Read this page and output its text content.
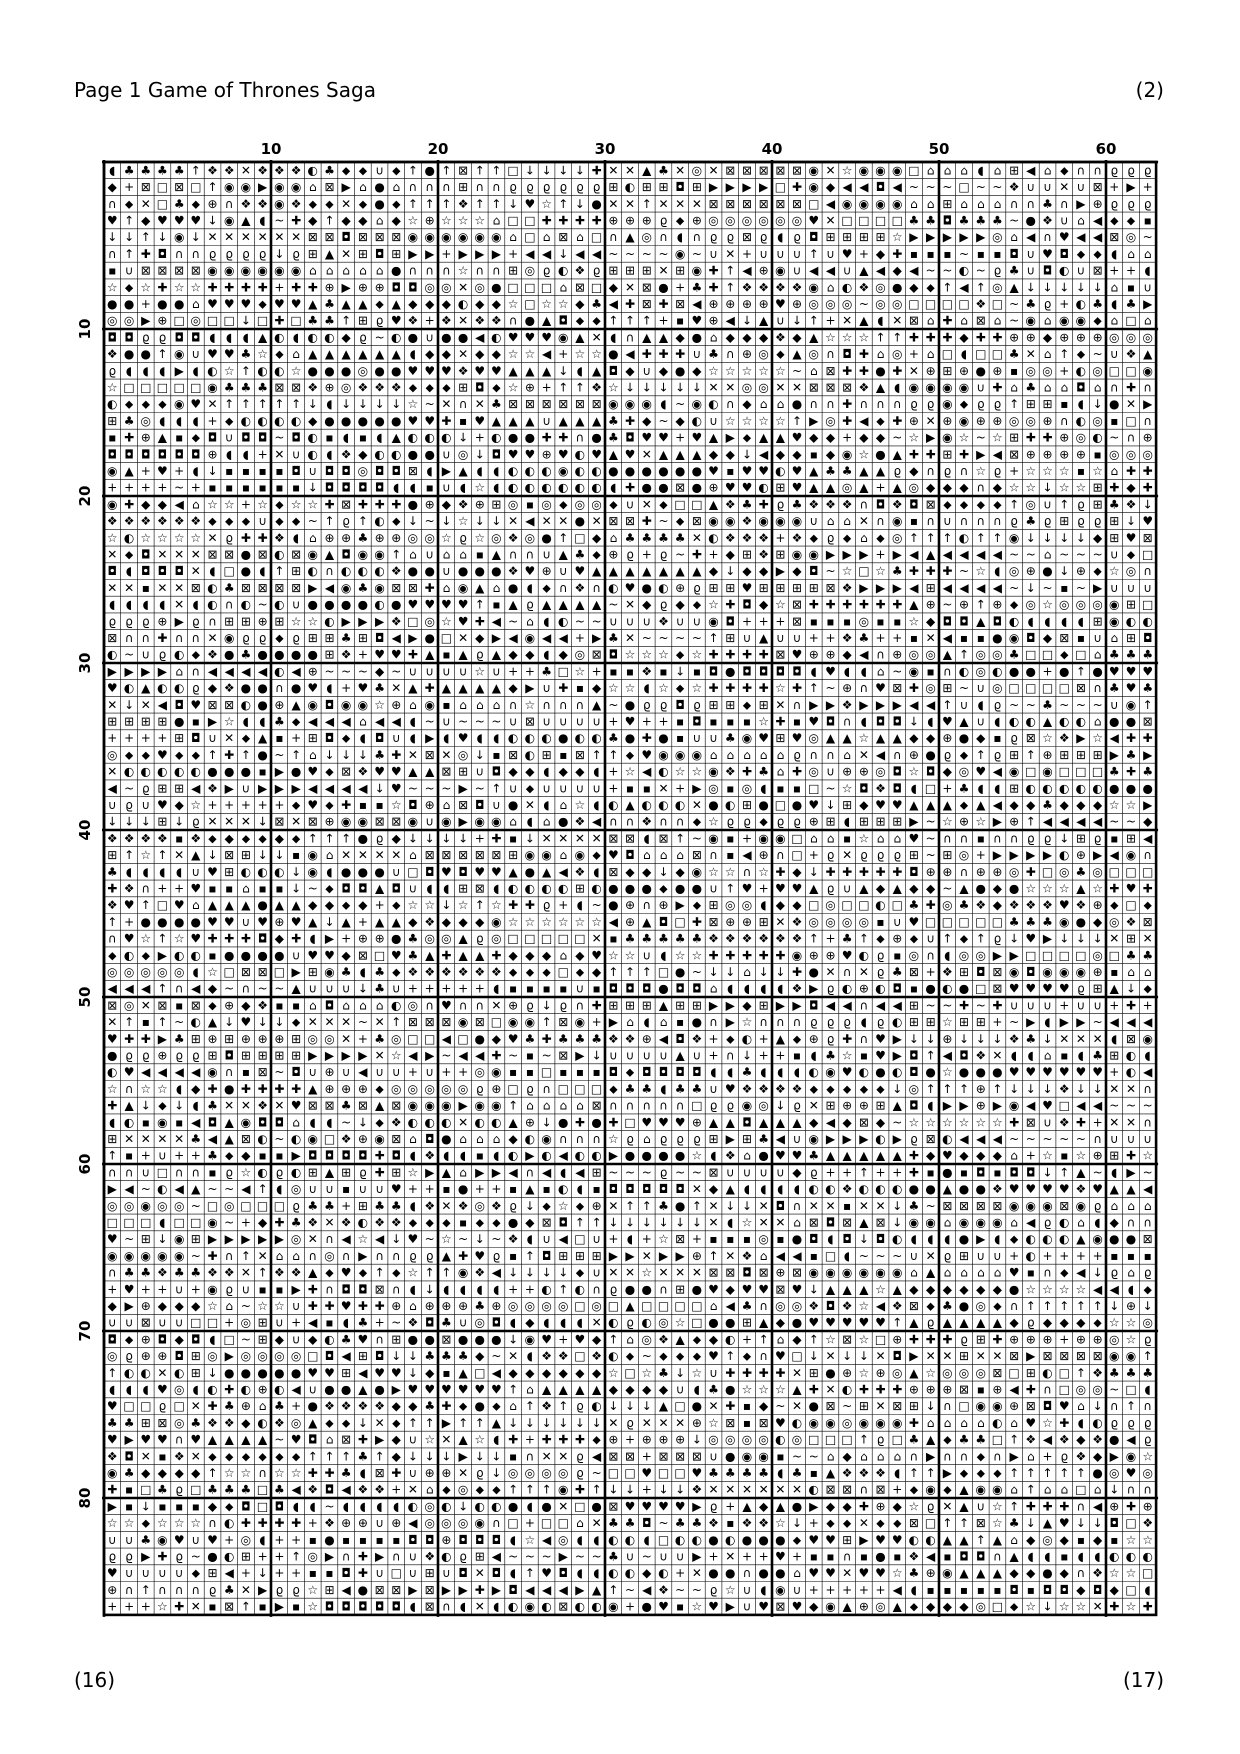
Page 1 Game of Thrones Saga	(2)
◖ ♣ ♣ ♣ ♣ ↑ ❖ ❖ ✕ ❖ ❖ ❖ ◐ ♣ ⬥ ⬥ ∪ ⬥ ↑ ● ↑ ⊠ ↑ ↑ □ ↓ ↓ ↓ ↓ ✚ ✕ ✕ ▲ ♣ ✕ ◎ ✕ ⊠ ⊠ ⊠ ⊠ ⊠ ◉ ✕ ☆ ◉ ◉ ◉ □ ⌂ ⌂ ⌂ ◖ ⌂ ⊞ ◀ ⌂ ⬥ ∩ ∩ ϱ ϱ ϱ
◆ + ⊠ □ ⊠ □ ↑ ◉ ◉ ▶ ◉ ◉ ⌂ ⊠ ▶ ⌂ ● ⌂ ∩ ∩ ∩ ⊞ ∩ ∩ ϱ ϱ ϱ ϱ ϱ ϱ ⊞ ◐ ⊞ ⊞ ◘ ⊞ ▶ ▶ ▶ ▶ □ ✚ ◉ ◆ ◀ ◀ ◘ ◀ ~ ~ ~ □ ~ ~ ❖ ∪ ∪ ✕ ∪ ⊠ + ▶ +
∩ ⬥ ✕ □ ♣ ⬥ ⊕ ∩ ❖ ❖ ◉ ❖ ⬥ ⬥ ✕ ⬥ ● ⬥ ↑ ↑ ↑ ❖ ↑ ↑ ↓ ♥ ☆ ↑ ↓ ● ✕ ✕ ↑ ✕ ✕ ✕ ⊠ ⊠ ⊠ ⊠ ⊠ ⊠ □ ◀ ◉ ◉ ◉ ◉ ⌂ ⌂ ⊞ ⌂ ⌂ ⌂ ∩ ∩ ♣ ∩ ▶ ⊕ ϱ ϱ ϱ
♥ ↑ ◆ ♥ ♥ ♥ ↓ ◉ ▲ ◖ ~ ✚ ◆ ↑ ◆ ◆ ⌂ ◆ ☆ ⊕ ☆ ☆ ☆ ⌂ □ □ ✚ ✚ ✚ ✚ ⊕ ⊕ ⊕ ϱ ⬥ ⊕ ◎ ◎ ◎ ◎ ◎ ◎ ♥ ✕ □ □ □ □ ♣ ♣ ◘ ♣ ♣ ♣ ~ ● ❖ ∪ ⌂ ◀ ⬥ ⬥ ▪
↓ ↓ ↑ ↓ ◉ ↓ ✕ ✕ ✕ ✕ ✕ ✕ ⊠ ⊠ ◘ ⊠ ⊠ ⊠ ◉ ◉ ◉ ◉ ◉ ◉ ⌂ □ ⌂ ⊠ ⌂ □ ∩ ▲ ◎ ∩ ◖ ∩ ϱ ϱ ⊠ ϱ ◖ ϱ ◘ ⊞ ⊞ ⊞ ⊞ ☆ ▶ ▶ ▶ ▶ ▶ ◎ ⌂ ◀ ∩ ♥ ◀ ◀ ⊠ ◎ ~
∩ ↑ ✚ ◘ ∩ ∩ ϱ ϱ ϱ ϱ ↓ ϱ ⊞ ▲ ✕ ⊞ ◘ ⊞ ▶ ▶ + ▶ ▶ ▶ + ◀ ◀ ↓ ◀ ◀ ~ ~ ~ ~ ◉ ~ ∪ ✕ + ∪ ∪ ∪ ↑ ∪ ♥ + ◆ ✚ ▪ ▪ ▪ ~ ▪ ▪ ◘ ∪ ♥ ◘ ⬥ ⬥ ◖ ⌂ ⌂
▪ ∪ ⊠ ⊠ ⊠ ⊠ ◉ ◉ ◉ ◉ ◉ ◉ ⌂ ⌂ ⌂ ⌂ ⌂ ● ∩ ∩ ∩ ☆ ∩ ∩ ⊞ ◎ ϱ ◐ ❖ ϱ ⊞ ⊞ ⊞ ✕ ⊞ ◉ ✚ ↑ ◀ ⊕ ◉ ∪ ◀ ◀ ∪ ▲ ◀ ◆ ◀ ~ ~ ◐ ~ ϱ ♣ ∪ ◘ ◐ ∪ ⊠ + + ◖
☆ ⬥ ☆ ✚ ☆ ☆ ✚ ✚ ✚ ✚ + ✚ ✚ ⊕ ▶ ⊕ ⊕ ◘ ◘ ◎ ◎ ✕ ◎ ● □ □ □ ⌂ ⊠ □ ◆ ✕ ⊠ ● + ♣ ✚ ↑ ❖ ❖ ❖ ❖ ◉ ⌂ ◐ ❖ ◎ ● ◆ ⬥ ↑ ◀ ↑ ◎ ▲ ↓ ↓ ↓ ↓ ↓ ⌂ ▪ ∪
● ● + ● ● ⌂ ♥ ♥ ♥ ⬥ ♥ ♥ ▲ ♣ ▲ ▲ ⬥ ▲ ◆ ◆ ◆ ◐ ◆ ◆ ☆ □ ☆ ☆ ◆ ♣ ◀ ✚ ⊠ ✚ ⊠ ◀ ⊕ ⊕ ⊕ ⊕ ♥ ⊕ ◎ ◎ ◎ ~ ◎ ◎ □ □ □ □ ❖ □ ~ ♣ ϱ + ◐ ♣ ◖ ♣ ▶
◎ ◎ ▶ ⊕ □ ◎ □ □ ↓ □ ✚ □ ♣ ♣ ↑ ⊞ ϱ ♥ ❖ + ❖ ✕ ❖ ❖ ∩ ● ▲ ◘ ⬥ ⬥ ↑ ↑ ↑ + ▪ ♥ ⊕ ◀ ↓ ▲ ∪ ↓ ↑ + ✕ ▲ ◖ ✕ ⊠ ⌂ ✚ ⌂ ⊠ ⌂ ~ ◉ ⌂ ◉ ◉ ⬥ ⌂ □ ⌂
◘ ◘ ϱ ϱ ◘ ◘ ◖ ◖ ◖ ▲ ◐ ◖ ◐ ◐ ◆ ϱ ~ ◐ ● ∪ ● ● ◀ ◐ ♥ ♥ ♥ ◉ ▲ ✕ ◖ ∩ ▲ ▲ ◆ ● ⌂ ◆ ◆ ◆ ❖ ◆ ▲ ☆ ☆ ☆ ↑ ↑ ✚ ✚ ✚ ◆ ✚ ✚ ⊕ ⊕ ◆ ⊕ ⊕ ⊕ ◎ ◎ ◎
❖ ● ● ↑ ◉ ∪ ♥ ♥ ♣ ☆ ⬥ ⌂ ▲ ▲ ▲ ▲ ▲ ▲ ◖ ◆ ◆ ✕ ◆ ◆ ☆ ☆ ◀ + ☆ ☆ ● ◀ ✚ ✚ ✚ ∪ ♣ ∩ ⊕ ◎ ⬥ ▲ ◎ ∩ ◘ ✚ ⌂ ◎ + ⌂ □ ◖ □ □ ♣ ✕ ⌂ ↑ ⬥ ~ ∪ ❖ ▲
ϱ ◖ ◖ ◖ ▶ ◖ ◐ ☆ ↑ ◐ ◐ ☆ ● ● ● ◎ ● ● ♥ ♥ ♥ ❖ ♥ ♥ ▲ ▲ ▲ ↓ ◖ ▲ ◘ ◆ ∪ ◆ ● ◆ ☆ ☆ ☆ ☆ ☆ ~ ⌂ ⊠ ✚ ✚ ● ✚ ✕ ⊕ ⊞ ⊕ ● ⊕ ▪ ◎ ◎ + ◐ ◎ □ □ ◉
☆ □ □ □ □ □ ◉ ♣ ♣ ♣ ⊠ ⊠ ❖ ⊕ ◎ ❖ ❖ ❖ ⬥ ⬥ ⬥ ⊞ ◘ ⬥ ☆ ⊕ + ↑ ↑ ❖ ☆ ↓ ↓ ↓ ↓ ↓ ✕ ✕ ◎ ◎ ✕ ✕ ⊠ ⊠ ⊠ ❖ ▲ ◖ ◉ ◉ ◉ ◉ ∪ ✚ ⌂ ♣ ⌂ ⌂ ◘ ⌂ ∩ ✚ ∩
◐ ⬥ ⬥ ⬥ ◉ ♥ ✕ ↑ ↑ ↑ ↑ ↑ ↓ ◖ ↓ ↓ ↓ ↓ ☆ ~ ✕ ∩ ✕ ♣ ⊠ ⊠ ⊠ ⊠ ⊠ ⊠ ◉ ◉ ◉ ◖ ~ ◉ ◐ ∩ ◆ ⌂ ⌂ ● ∩ ∩ ✚ ∩ ∩ ∩ ϱ ϱ ◉ ⬥ ϱ ϱ ↑ ⊞ ⊞ ▪ ◖ ↓ ● ✕ ▶
⊞ ♣ ◎ ◖ ◖ ◖ + ⬥ ◐ ◐ ◐ ◐ ◆ ● ● ● ● ● ♥ ♥ ✚ ▪ ♥ ▲ ▲ ▲ ∪ ▲ ▲ ▲ ♣ ✚ ◆ ~ ◆ ◐ ∪ ☆ ☆ ☆ ☆ ↑ ▶ ◎ ✚ ◀ ⬥ ✚ ⊕ ✕ ⊕ ◉ ⊕ ⊕ ◎ ◎ ⊕ ∩ ◐ ◎ ▪ □ ∩
▪ ✚ ⊕ ▲ ▪ ⬥ ◘ ∪ ◘ ◘ ~ ◘ ◐ ▪ ◖ ▪ ◖ ▲ ◐ ◐ ◐ ↓ + ◐ ● ● ✚ ✚ ∩ ● ♣ ◘ ♥ ♥ + ♥ ▲ ▶ ⬥ ▲ ▲ ♥ ◆ ◆ + ◆ ◆ ~ ☆ ▶ ◉ ☆ ~ ☆ ⊞ ✚ ✚ ⊕ ◎ ◐ ~ ∩ ⊕
◘ ◘ ◘ ◘ ◘ ◘ ⊕ ◖ ◖ + ✕ ∪ ◐ ◖ ❖ ◆ ◐ ◐ ● ● ∪ ◎ ↓ ◘ ♥ ♥ ⊕ ♥ ◐ ♥ ▲ ♥ ✕ ▲ ▲ ▲ ◆ ◆ ↓ ◀ ◆ ◆ ▪ ◆ ◉ ☆ ● ▲ ✚ ✚ ⊞ ✚ ▶ ◀ ⊠ ⊕ ⊕ ⊕ ⊕ ▪ ◎ ◎ ◎
◉ ▲ + ♥ + ◖ ↓ ▪ ▪ ▪ ▪ ◘ ∪ ◘ ◘ ◎ ◘ ◘ ⊠ ◖ ▶ ▲ ◖ ◖ ◐ ◐ ◐ ◉ ◐ ◐ ● ● ● ● ● ● ♥ ▪ ♥ ♥ ◐ ♥ ▲ ♣ ♣ ▲ ▲ ϱ ◆ ∩ ϱ ∩ ☆ ϱ + ☆ ☆ ☆ ▪ ☆ ⌂ ✚ ✚
+ + + + ~ + ▪ ▪ ▪ ▪ ▪ ▪ ↓ ◘ ◘ ◘ ◘ ◖ ◖ ▪ ∪ ◖ ☆ ◖ ◐ ◐ ◐ ◐ ◐ ◐ ◖ ✚ ● ● ⊠ ● ⊕ ♥ ♥ ◐ ⊞ ♥ ▲ ▲ ◎ ▲ + ▲ ◎ ◆ ◆ ◆ ∩ ◆ ☆ ☆ ↓ ☆ ☆ ⊞ ✚ ◆ ✚
◉ ✚ ◆ ◆ ◀ ⌂ ☆ ☆ + ☆ ⬥ ☆ ☆ ✚ ⊠ ✚ ✚ ✚ ● ⊕ ◆ ❖ ⊕ ⊞ ◎ ▪ ◎ ⬥ ◎ ◎ ⬥ ∪ ✕ ⬥ □ □ ▲ ❖ ♣ ✚ ϱ ♣ ❖ ❖ ❖ ∩ ◘ ❖ ◘ ⊠ ⬥ ⬥ ⬥ ⬥ ↑ ◎ ∪ ↑ ϱ ⊞ ♣ ❖ ↓
❖ ❖ ❖ ❖ ❖ ❖ ⬥ ⬥ ⬥ ∪ ⬥ ⬥ ~ ↑ ϱ ↑ ◐ ⬥ ↓ ~ ↓ ☆ ↓ ↓ ✕ ◀ ✕ ✕ ● ✕ ⊠ ⊠ ✚ ~ ⬥ ⊠ ◉ ◉ ❖ ◉ ◉ ◉ ∪ ⌂ ⌂ ✕ ∩ ◉ ▪ ∩ ∪ ∩ ∩ ∩ ϱ ♣ ϱ ⊞ ϱ ϱ ⊞ ↓ ♥
☆ ◐ ☆ ☆ ☆ ☆ ✕ ϱ ✚ ✚ ❖ ◖ ⌂ ⊕ ⊕ ♣ ⊕ ⊕ ◎ ◎ ☆ ϱ ☆ ◎ ❖ ◎ ● ↑ □ ◆ ⌂ ♣ ♣ ♣ ♣ ✕ ◐ ❖ ❖ ❖ + ❖ ⬥ ϱ ⬥ ⌂ ⬥ ◎ ↑ ↑ ↑ ◐ ↑ ↑ ◉ ↓ ↓ ↓ ↓ ◆ ⊞ ♥ ⊠
✕ ⬥ ◘ ✕ ✕ ✕ ⊠ ⊠ ● ⊠ ◐ ⊠ ◉ ▲ ◘ ◉ ◉ ↑ ⌂ ∪ ⌂ ⌂ ▪ ▲ ∩ ∩ ∪ ▲ ♣ ⬥ ⊕ ϱ + ϱ ~ ✚ + ◆ ⊞ ❖ ⊞ ◉ ◉ ▶ ▶ ▶ + ▶ ◀ ▲ ◀ ◀ ◀ ◀ ~ ~ ⌂ ~ ~ ~ ∪ ⬥ □
◘ ◖ ◘ ◘ ◘ ✕ ◖ □ ● ◖ ↑ ⊞ ◐ ∩ ◐ ◐ ◐ ❖ ● ● ∪ ● ● ● ❖ ♥ ⊕ ∪ ♥ ▲ ▲ ▲ ▲ ▲ ▲ ▲ ◆ ↓ ◆ ◆ ▶ ◆ ◘ ~ ☆ □ ☆ ♣ ✚ ✚ ✚ ~ ☆ ◖ ◎ ⊕ ● ↓ ⊕ ⬥ ☆ ◎ ∩
✕ ✕ ▪ ✕ ✕ ⊠ ◐ ♣ ⊠ ⊠ ⊠ ⊠ ▶ ◀ ◉ ♣ ◉ ⊠ ⊠ ✚ ⌂ ◉ ▲ ⌂ ● ◖ ⬥ ∩ ❖ ∩ ◐ ♥ ● ◐ ⊕ ϱ ⊞ ⊞ ♥ ⊞ ⊞ ⊞ ⊞ ⊠ ❖ ▶ ▶ ▶ ◀ ⊞ ◀ ◀ ◀ ◀ ~ ↓ ~ ▪ ~ ▶ ∪ ∪ ∪
◖ ◖ ◖ ◖ ✕ ◖ ◐ ∩ ◐ ~ ◐ ∪ ● ● ● ● ◐ ● ♥ ♥ ♥ ♥ ↑ ▪ ▲ ϱ ▲ ▲ ▲ ▲ ~ ✕ ◆ ϱ ◆ ⬥ ☆ ✚ ◘ ◆ ☆ ⊠ ✚ ✚ ✚ ✚ ✚ ✚ ▲ ⊕ ~ ⊕ ↑ ⊕ ⬥ ◎ ☆ ◎ ◎ ◎ ◉ ⊞ □
ϱ ϱ ϱ ⊕ ▶ ϱ ∩ ⊞ ⊞ ⊕ ⊞ ☆ ☆ ◐ ▶ ▶ ▶ ❖ □ ◎ ☆ ♥ ✚ ◀ ~ ⌂ ◖ ◐ ~ ~ ∪ ∪ ∪ ❖ ∪ ∪ ◉ ◘ + + + ⊠ ▪ ▪ ▪ ◎ ▪ ▪ ☆ ◆ ◘ ◘ ▲ ◘ ◐ ◖ ◖ ◖ ◖ ⊞ ◉ ◐ ◐
⊠ ∩ ∩ ✚ ∩ ∩ ✕ ◉ ϱ ϱ ⬥ ϱ ⊞ ⊞ ♣ ⊞ ◘ ◀ ▶ ● □ ✕ ◆ ▶ ◀ ◉ ◀ ◀ + ▶ ♣ ✕ ~ ~ ~ ~ ↑ ⊞ ∪ ▲ ∪ ∪ + + ❖ ♣ + + ▪ ✕ ◀ ▪ ▪ ● ◉ ◘ ◆ ⊠ ▪ ∪ ⌂ ⊞ ◘
◐ ~ ∪ ϱ ◐ ⬥ ❖ ● ♣ ● ● ● ● ⊞ ❖ + ♥ ♥ ✚ ▲ ▪ ▲ ϱ ▲ ◆ ◆ ◖ ◆ ◎ ⊠ ◘ ☆ ☆ ☆ ⬥ ☆ ✚ ✚ ✚ ✚ ⊠ ♥ ⊕ ⊕ ◆ ◀ ∩ ⊕ ◎ ◎ ▲ ↑ ◎ ◎ ♣ □ □ ⬥ □ ⌂ ♣ ♣ ♣
▶ ▶ ▶ ▶ ⌂ ∩ ◀ ◀ ◀ ◀ ◐ ◀ ⊕ ~ ~ ~ ◆ ~ ∪ ∪ ∪ ∪ ☆ ∪ + + ♣ □ ☆ + ▪ ▪ ❖ ▪ ↓ ▪ ◘ ● ◘ ◘ ◘ ◘ ◖ ♥ ◖ ◖ ⌂ ~ ◉ ▪ ∩ ◐ ◎ ◐ ● ● + ● ↑ ● ♥ ♥ ♥
♥ ◐ ▲ ◐ ◐ ϱ ◆ ❖ ● ● ∩ ● ♥ ◖ + ♥ ♣ ✕ ▲ ✚ ▲ ▲ ▲ ▲ ◆ ▶ ∪ ✚ ▪ ◆ ☆ ☆ ◖ ☆ ⬥ ☆ ✚ ✚ ✚ ✚ ☆ ✚ ↑ ~ ⊕ ∩ ♥ ⊠ ✚ ◎ ⊞ ~ ∪ ◎ □ □ □ □ ⊠ ∩ ♣ ♥ ♣
✕ ↓ ✕ ◀ ◘ ♥ ⊠ ⊠ ◐ ● ⊕ ▲ ◉ ◘ ◉ ◉ ☆ ⊕ ⌂ ◉ ▪ ⌂ ⌂ ⌂ ∩ ☆ ∩ ∩ ∩ ▲ ~ ● ϱ ϱ ◘ ϱ ⊞ ⊞ ⬥ ⊞ ✕ ∩ ▶ ▶ ❖ ▶ ▶ ▶ ◀ ◀ ↑ ∪ ◖ ϱ ~ ~ ♣ ~ ~ ~ ∪ ◉ ↑
⊞ ⊞ ⊞ ⊞ ● ▪ ▶ ☆ ◖ ◖ ♣ ⬥ ◀ ◀ ◀ ⌂ ◀ ◀ ◖ ~ ∪ ~ ~ ~ ∪ ⊠ ∪ ∪ ∪ ∪ + ♥ + + ▪ ◘ ▪ ▪ ▪ ☆ ✚ ▪ ♥ ◘ ∩ ◖ ◘ ◘ ↓ ◖ ♥ ▲ ∪ ◖ ◐ ◐ ▲ ◐ ◐ ⌂ ● ● ⊠
+ + + + ⊞ ◘ ∪ ✕ ⬥ ▲ ▪ + ⊞ ◘ ⬥ ◖ ◘ ∪ ◖ ▶ ◖ ♥ ◖ ◖ ◐ ◐ ◐ ● ◐ ◐ ♣ ● ✚ ● ▪ ∪ ∪ ♣ ◉ ♥ ⊞ ♥ ◎ ▲ ▲ ☆ ▲ ▲ ◆ ◆ ⊕ ● ◆ ▪ ϱ ⊠ ☆ ❖ ▶ ☆ ◀ ✚ ✚
◎ ⬥ ⬥ ♥ ⬥ ⬥ ↑ ✚ ↑ ● ~ ↑ ⌂ ↓ ↓ ↓ ♣ ✚ ✕ ⊠ ✕ ◎ ↓ ▪ ⊠ ◐ ⊞ ▪ ⊠ ↑ ↑ ⬥ ♥ ◉ ◉ ◉ ⌂ ⌂ ⌂ ⌂ ⌂ ϱ ∩ ∩ ⌂ ✕ ◀ ∩ ⊕ ● ϱ ⬥ ↑ ϱ ⊞ ↑ ⊕ ⊞ ⊞ ⊞ ▶ ♣ ▶
✕ ◐ ◐ ◐ ◐ ◐ ● ● ● ▪ ▶ ● ♥ ⬥ ⊠ ❖ ♥ ♥ ▲ ▲ ⊠ ⊞ ∪ ◘ ◆ ◆ ◖ ◆ ◆ ◖ + ☆ ◀ ◐ ☆ ☆ ◉ ❖ ✚ ♣ ⌂ ✚ ◎ ∪ ⊕ ⊕ ◎ ◘ ☆ ◘ ◆ ◎ ♥ ◀ ◉ □ ◉ □ □ □ ♣ ✚ ♣
◀ ~ ϱ ⊞ ⊞ ◀ ❖ ▶ ∪ ▶ ▶ ▶ ◀ ◀ ◀ ◀ ↓ ♥ ~ ~ ~ ▶ ~ ↑ ∪ ⬥ ∪ ∪ ∪ ∪ + ▪ ▪ ✕ + ▶ ◎ ▪ ◎ ◖ ▪ ▪ □ ~ ☆ ◘ ❖ ◘ ◖ □ + ♣ ◖ ◖ ⊞ ◐ ◐ ◐ ◐ ◐ ● ● ●
∪ ϱ ∪ ♥ ◆ ☆ + + + + + ⬥ ♥ ⬥ ✚ ▪ ▪ ☆ ◘ ⊕ ⌂ ⊠ ◘ ∪ ● ✕ ◖ ⌂ ☆ ◖ ◐ ▲ ◐ ◐ ◐ ✕ ● ◐ ⊞ ● □ ● ♥ ↓ ⊞ ◆ ♥ ♥ ▲ ▲ ▲ ⬥ ▲ ◀ ◆ ◆ ♣ ◆ ◆ ◆ ☆ ☆ ▶
↓ ↓ ↓ ⊞ ↓ ϱ ✕ ✕ ✕ ↓ ⊠ ✕ ⊠ ⊕ ◉ ◉ ⊠ ⊠ ◉ ∪ ◉ ▶ ◉ ◉ ⌂ ◖ ⌂ ● ❖ ◀ ∩ ∩ ❖ ∩ ∩ ⬥ ☆ ϱ ϱ ⬥ ϱ ϱ ⊕ ⊞ ◖ ⊞ ⊞ ⊞ ▶ ~ ☆ ⊕ ☆ ▶ ⊕ ↑ ◀ ◀ ◀ ◀ ~ ~ ◆
❖ ❖ ❖ ❖ ▪ ❖ ⬥ ◆ ⬥ ⬥ ◆ ⬥ ↑ ↑ ↑ ● ϱ ◆ ↓ ↓ ↓ ↓ + ✚ ▪ ↓ ✕ ✕ ✕ ✕ ⊠ ⊠ ◖ ⊠ ↑ ~ ◉ ▪ + ◉ ◉ □ ⌂ ⌂ ▪ ☆ ⌂ ⌂ ♥ ~ ∩ ∩ ▪ ∩ ∩ ϱ ϱ ↓ ⊞ ϱ ▪ ⊞ ◀
⊞ ↑ ☆ ↑ ✕ ▲ ↓ ⊠ ⊞ ↓ ↓ ▪ ◉ ⌂ ✕ ✕ ✕ ✕ ⌂ ⊠ ⊠ ⊠ ⊠ ⊠ ⊞ ◉ ◉ ⌂ ◉ ⬥ ♥ ◘ ⌂ ⌂ ⌂ ⊠ ∩ ▪ ◀ ⊕ ∩ □ + ϱ ✕ ϱ ϱ ϱ ⊞ ~ ⊞ ◎ + ▶ ▶ ▶ ▶ ◐ ⊕ ▶ ◀ ◉ ∩
♣ ◖ ◖ ◖ ◖ ∪ ♥ ⊞ ◐ ◐ ◐ ↓ ◉ ◖ ● ● ● ∪ □ ◘ ♥ ◘ ♥ ♥ ▲ ● ▲ ◀ ❖ ◖ ⊠ ◆ ◆ ↓ ◆ ◉ ☆ ☆ ∩ ☆ ✚ ◆ ↓ ✚ ✚ ✚ ✚ ✚ ◘ ⊕ ⊕ ∩ ⊕ ⊕ ◎ ✚ □ ◎ ♣ ◎ □ □ □
✚ ❖ ∩ + + ♥ ▪ ▪ ⌂ ▪ ▪ ↓ ~ ⬥ ◘ ◘ ▲ ◘ ∪ ◖ ◖ ⊞ ⊠ ◖ ◐ ◐ ◐ ◐ ⊞ ◐ ● ● ● ⬥ ● ● ∪ ↑ ♥ + ♥ ♥ ▲ ϱ ∪ ▲ ◆ ▲ ◆ ◆ ~ ▲ ● ◆ ● ☆ ☆ ☆ ▲ ☆ ✚ ♥ ✚
❖ ♥ ↑ □ ♥ ⌂ ▲ ▲ ▲ ● ▲ ▲ ◆ ◆ ⬥ ◆ + ⬥ ☆ ☆ ↓ ☆ ↑ ☆ ✚ ✚ ϱ + ◖ ~ ● ⊕ ∩ ⊕ ▶ ⬥ ⊞ ◎ ◎ ◖ ◆ ◆ □ ◎ □ □ ◐ □ ♣ ✚ ◎ ♣ ❖ ◆ ❖ ❖ ❖ ♥ ❖ ⊕ ⬥ □ ⬥
↑ + ● ● ● ● ♥ ♥ ∪ ♥ ⊕ ♥ ▲ ↓ ▲ + ▲ ▲ ◆ ❖ ◆ ◆ ◆ ◉ ☆ ☆ ☆ ☆ ☆ ☆ ◀ ⊕ ▲ ◘ □ ✚ ⊠ ⊕ ⊕ ⊞ ✕ ❖ ◎ ◎ ◎ ◎ ▪ ∪ ♥ □ □ □ □ □ ♣ ♣ ♣ ◉ ● ◆ ◎ ❖ ⊠
∩ ♥ ☆ ↑ ☆ ♥ ✚ ✚ ✚ ◘ ◆ ✚ ◖ ▶ + ⊕ ⊕ ● ♣ ◎ ◎ ▲ ϱ ◎ □ □ □ □ □ ✕ ▪ ♣ ♣ ♣ ♣ ♣ ❖ ❖ ❖ ❖ ❖ ❖ ↑ + ♣ ↑ ⬥ ⊕ ⬥ ∪ ↑ ⬥ ↑ ϱ ↓ ♥ ▶ ↓ ↓ ↓ ✕ ⊞ ✕
⬥ ◐ ⬥ ▶ ◐ ◐ ▪ ● ● ● ● ∪ ♥ ♥ ◆ ⊠ □ ♥ ♣ ▲ ✚ ▲ ▲ ✚ ◆ ◆ ◆ ⌂ ◆ ♥ ☆ ☆ ∪ ◖ ☆ ☆ ✚ ✚ ✚ ✚ ✚ ◉ ⊕ ⊕ ♥ ◐ ϱ ▪ ◎ ∩ ◖ ◎ ◎ ▶ ▶ □ □ □ □ ◎ □ ♣ ♣
◎ ◎ ◎ ◎ ◎ ◖ ☆ □ ⊠ ⊠ □ ▶ ⊞ ◉ ♣ ◖ ♣ ⬥ ❖ ❖ ❖ ❖ ❖ ❖ ⬥ ⬥ ⬥ □ ⬥ ◆ ↑ ↑ ↑ □ ● ~ ↓ ↓ ⌂ ↓ ↓ ✚ ● ✕ ∩ ✕ ϱ ♣ ⊠ + ❖ ⊞ ◘ ⊠ ◉ ◘ ◉ ◉ ◉ ⊕ ▪ ⌂ ⌂
◀ ◀ ◀ ↑ ∩ ◀ ◆ ~ ∩ ~ ~ ▲ ∪ ∪ ∪ ↓ ♣ ∪ + + + + + ◖ ▪ ▪ ▪ ▪ ∪ ▪ ◘ ◘ ◘ ● ◘ ◘ ⌂ ◖ ◖ ◖ ◖ ❖ ▶ ϱ ◐ ⊕ ◐ ◘ ▪ ● ◐ ● □ ⊠ ♥ ♥ ♥ ♥ ϱ ⊞ ▲ ↓ ⬥
⊠ ◎ ✕ ⊠ ▪ ⊠ ⬥ ⊕ ◆ ❖ ▪ ▪ ⌂ ◘ ⌂ ⌂ ⌂ ◐ ◎ ∩ ♥ ∩ ∩ ✕ ⊕ ϱ ↓ ϱ ∩ ✚ ⊞ ⊞ ⊞ ▲ ⊞ ⊞ ▶ ▶ ◆ ⊞ ▶ ▶ ◘ ◀ ◀ ∩ ◀ ◀ ⊞ ~ ~ ✚ ~ ✚ ∪ ∪ ∪ + ∪ ∪ + ✚ +
✕ ↑ ▪ ↑ ~ ◐ ▲ ↓ ♥ ↓ ↓ ⬥ ✕ ✕ ✕ ~ ✕ ↑ ⊠ ⊠ ⊠ ◉ ⊠ □ ◉ ◉ ↑ ⊠ ◉ + ▶ ⌂ ◖ ⌂ ▪ ● ∩ ▶ ☆ ∩ ∩ ∩ ϱ ϱ ϱ ◖ ϱ ◐ ⊞ ⊞ ☆ ⊞ ⊞ + ~ ▶ ◖ ▶ ▶ ~ ◀ ◀ ◀
♥ ✚ ✚ ▶ ♣ ⊞ ⊕ ⊞ ⊕ ⊕ ⊕ ⊞ ◎ ◎ ✕ + ♣ ◎ □ □ ◀ □ ● ◆ ♥ ♣ ✚ ♣ ♣ ♣ ❖ ❖ ⊕ ◀ ◘ ❖ + ⬥ ◐ + ▲ ⬥ ⊕ ϱ ✚ ∩ ♥ ▶ ↓ ↓ ⊕ ↓ ↓ ↓ ❖ ♣ ↓ ✕ ✕ ✕ ◖ ⊠ ◉
● ϱ ϱ ⊕ ϱ ϱ ⊞ ◘ ⊞ ⊞ ⊞ ⊞ ▶ ▶ ▶ ▶ ✕ ☆ ◀ ▶ ~ ◀ ◀ ✚ ~ ▪ ~ ⊠ ▶ ↓ ∪ ∪ ∪ ∪ ▲ ∪ + ∩ ↓ + + ▪ ◖ ♣ ☆ ▪ ♥ ▶ ◘ ↑ ◀ ◘ ❖ ✕ ◖ ◖ ⌂ ▪ ◖ ♣ ⊞ ◐ ◖
◐ ♥ ◀ ◀ ◀ ◀ ◉ ∩ ▪ ⊠ ~ ◘ ∪ ⊕ ∪ ◀ ∪ ∪ + ∪ + + ◎ ◉ ▪ ▪ □ ▪ ▪ ▪ ◘ ⬥ ◘ ◘ ◘ ◘ ◖ ◖ ♣ ◖ ◖ ◖ ◐ ◉ ♥ ◐ ● ◐ ◘ ● ☆ ● ● ● ♥ ♥ ♥ ♥ ♥ ♥ + ◐ ◀
☆ ∩ ☆ ☆ ◖ ◆ ✚ ● ✚ ✚ ✚ ✚ ▲ ⊕ ⊕ ⊕ ⬥ ◎ ◎ ◎ ◎ ◎ ϱ ⊕ □ ϱ ∩ □ □ □ ⬥ ♣ ♣ ◖ ♣ ♣ ∪ ♥ ❖ ❖ ❖ ❖ ⬥ ⬥ ⬥ ⬥ ⬥ ↓ ◎ ↑ ↑ ↑ ⊕ ↑ ↓ ↓ ↓ ❖ ↓ ↓ ✕ ✕ ∩
✚ ▲ ↓ ⬥ ↓ ◖ ♣ ✕ ✕ ❖ ✕ ♥ ⊠ ⊠ ♣ ⊠ ▲ ⊠ ◉ ◉ ◉ ▶ ◉ ◉ ↑ ⌂ ⌂ ⌂ ⌂ ⊠ ∩ ∩ ∩ ∩ ∩ □ ϱ ϱ ◉ ◎ ↓ ϱ ✕ ⊞ ⊕ ⊕ ⊞ ▲ ◘ ◖ ▶ ▶ ⊕ ▶ ◉ ◀ ♥ □ ◀ ◀ ~ ~ ~
◖ ◐ ▪ ◉ ▪ ◀ ◘ ▲ ◉ ◘ ◘ ⌂ ◖ ◖ ~ ↓ ⬥ ❖ ◐ ◐ ◐ ✕ ◐ ◐ ▲ ⊕ ↓ ● ✚ ● ✚ □ ♥ ♥ ♥ ⊕ ▲ ▲ ◘ ▲ ▲ ▲ ◆ ◀ ◆ ⊠ ◆ ~ ☆ ☆ ☆ ☆ ☆ ☆ ✚ ⊠ ∪ ❖ ✚ + ✕ ✕ ∩
⊞ ✕ ✕ ✕ ✕ ♣ ◀ ▲ ⊠ ◐ ~ ◐ ◉ □ ❖ ⊕ ◉ ⊠ ⌂ ◘ ● ⌂ ⌂ ⌂ ◆ ◐ ◉ ∩ ∩ ∩ ☆ ϱ ⌂ ϱ ϱ ϱ ⊞ ▶ ⊞ ♣ ◀ ∪ ◉ ▶ ▶ ▶ ◐ ▶ ϱ ⊠ ◐ ◀ ◀ ◀ ~ ~ ~ ~ ~ ∩ ∪ ∪ ∪
↑ ▪ + ∪ + + ♣ ⬥ ◆ ▪ ▪ ▶ ◘ ◘ ◘ ◘ ✚ ◘ ◖ ❖ ◖ ◖ ▪ ◖ ◐ ▶ ◐ ◀ ◐ ◐ ▶ ● ● ● ● ☆ ◖ ❖ ⌂ ● ♥ ♥ ♣ ▲ ▲ ▲ ▲ ▲ ✚ ◆ ♥ ◆ ◆ ◆ ⌂ + ☆ ▪ ☆ ⊕ ⊞ ✚ ☆
∩ ∩ ∪ □ ∩ ∩ ▪ ϱ ☆ ◐ ϱ ◐ ⊞ ▲ ⊞ ϱ ✚ ⊞ ☆ ▶ ▲ ⌂ ▶ ▶ ◀ ∩ ◀ ◖ ◀ ⊞ ~ ~ ~ ϱ ~ ~ ⊠ ∪ ∪ ∪ ∪ ◆ ϱ + + ↑ + + ✚ ▪ ● ▪ ◘ ▪ ◘ ◘ ↓ ↑ ▲ ~ ◖ ▶ ~
▶ ◀ ~ ◐ ◀ ▲ ~ ~ ◀ ↑ ◖ ◎ ∪ ∪ ▪ ∪ ∪ ♥ + + ▪ ● + + ▪ ▲ ▪ ◐ ◖ ▪ ◘ ◘ ◘ ◘ ◘ ✕ ◆ ▲ ◖ ◖ ◖ ◖ ◐ ◐ ❖ ◐ ◐ ◐ ● ● ▲ ● ● ❖ ♥ ♥ ♥ ♥ ❖ ♥ ▲ ▲ ◀
◎ ◎ ◉ ◎ ◎ ~ □ ◎ □ □ □ ϱ ♣ ♣ + ⊞ ♣ ♣ ◖ ❖ ✕ ❖ ◎ ❖ ϱ ↓ ⬥ ☆ ⬥ ⊕ ✕ ↑ ↑ ♣ ● ↑ ✕ ↓ ↓ ✕ ◘ ∩ ✕ ✕ ▪ ✕ ✕ ↓ ♣ ~ ⊠ ⊠ ⊠ ⊠ ◉ ◉ ◉ ⊠ ◉ ϱ ⌂ ⌂ ⌂
□ □ □ ◖ □ □ ◉ ~ + ◆ ✚ ♣ ❖ ✕ ❖ ◐ ❖ ❖ ⬥ ⬥ ⬥ ▪ ⬥ ⬥ ● ◆ ⊠ ◘ ↑ ↑ ↓ ↓ ↓ ↓ ↓ ↓ ✕ ◖ ☆ ✕ ✕ ⌂ ⊠ ◘ ⊠ ▲ ⊠ ↓ ◉ ◉ ⌂ ◉ ◉ ◉ ⌂ ◀ ϱ ◐ ⌂ ◖ ◆ ∩ ∩
♥ ~ ⊞ ↓ ◉ ⊞ ▶ ▶ ▶ ▶ ▶ ◎ ✕ ∩ ◀ ☆ ◀ ↓ ♥ ~ ☆ ~ ↓ ~ ❖ ◖ ∪ ◀ □ ∪ + ◖ + ☆ ⊠ + ▪ ▪ ▪ ◎ ▪ ● ◘ ◖ ◘ ↓ ◘ ◐ ◖ ◖ ◖ ● ▶ ◖ ⬥ ◐ ◐ ◐ ▲ ◉ ● ● ⊠
◉ ◉ ◉ ◉ ◉ ~ ✚ ∩ ↑ ✕ ⌂ ⌂ ∩ ◎ ∩ ▶ ∩ ∩ ϱ ϱ ▲ ✚ ♥ ϱ ▪ ↑ ◘ ⊞ ⊞ ⊞ ▶ ▶ ✕ ▶ ▶ ⊕ ↑ ✕ ❖ ⌂ ◀ ◀ ▪ □ ◖ ~ ~ ~ ∪ ✕ ϱ ⊞ ∪ ∪ + ◐ + + + + ▪ ▪ ▪
∩ ♣ ♣ ❖ ♣ ♣ ❖ ❖ ✕ ↑ ❖ ❖ ▲ ⬥ ♥ ⬥ ↑ ⬥ ☆ ↑ ↑ ◉ ❖ ◀ ↓ ↓ ↓ ↓ ⬥ ∪ ✕ ✕ ☆ ✕ ✕ ✕ ⊠ ⊠ ◘ ⊠ ⊕ ⊠ ◉ ◉ ◉ ◉ ◉ ◉ ⌂ ▲ ⌂ ⌂ ⌂ ⌂ ♥ ▪ ∩ ⬥ ◀ ↓ ϱ ⌂ ϱ
+ ♥ + + ∪ + ◉ ϱ ∪ ▪ ▪ ▶ ✚ ∩ ◘ ◘ ⊠ ∩ ◖ ↓ ◖ ◖ ◖ ◖ + + ◐ ↑ ◐ ∩ ϱ ● ● ∩ ⊞ ● ♥ ◆ ♥ ♥ ⊠ ♥ ↓ ▲ ▲ ▲ ☆ ▲ ◆ ◆ ◆ ◆ ◆ ◆ ● ☆ ☆ ☆ ☆ ◀ ◀ ◖ ⬥
◆ ▶ ⊕ ◆ ◆ ◆ ☆ ⌂ ~ ☆ ☆ ∪ ✚ ✚ ♥ ✚ ✚ ⊕ ⌂ ⊕ ⊕ ⊕ ♣ ⊕ ◎ ◎ ◎ ◎ □ ◎ □ ▲ □ □ □ □ ⌂ ◀ ♣ ∩ ◎ ◎ ❖ ◘ ❖ ☆ ◀ ❖ ⊠ ⬥ ♣ ● ◎ ⬥ ∩ ↑ ↑ ↑ ↑ ↑ ↓ ⊕ ↓
∪ ∪ ⊠ ∪ ∪ □ □ + ◎ ⊞ ∪ + ◀ ▪ ◖ ♣ + ~ ❖ ◘ ♣ ∪ ◎ ◘ ◖ ◆ ◖ ◖ ◖ ✕ ◐ ϱ ◐ ◎ ☆ □ ● ● ⊞ ▲ ◆ ● ♥ ♥ ♥ ♥ ♥ ↑ ▲ ϱ ▲ ▲ ▲ ▲ ◆ ϱ ◆ ◆ ◆ ⬥ ☆ ☆ ◎
◘ ⬥ ⊕ ◘ ◆ ◘ ◖ □ ~ ⊞ ◆ ∪ ◆ ◐ ♣ ♥ ∩ ⊞ ● ● ⊠ ● ● ● ↓ ◉ ♥ + ♥ ◆ ↑ ⌂ ◎ ❖ ▲ ⬥ ◆ ◐ + ↑ ⌂ ◆ ↑ ☆ ⊠ ☆ □ ⊕ ✚ ✚ ✚ ϱ ⊞ ✚ ⊕ ⊕ ⊕ + ⊕ ⊕ ◎ ☆ ϱ
◎ ϱ ⊕ ⊕ ◘ ⊞ ◎ ▶ ◎ ◎ ◎ ◎ □ ◘ ◀ ⊞ ◘ ↓ ↓ ♣ ♣ ♣ ◆ ~ ✕ ◖ ❖ ❖ □ ❖ ◐ ⬥ ~ ⬥ ⬥ ⬥ ♥ ↑ ⬥ ∩ ♥ □ ↓ ✕ ↓ ↓ ✕ ◘ ▶ ✕ ✕ ⊞ ✕ ✕ ⊠ ▶ ⊠ ⊠ ⊠ ⊠ ◉ ◉ ↑
↑ ◐ ◐ ✕ ◐ ⊞ ↓ ● ● ● ● ● ♥ ♥ ⊞ ◀ ♥ ♥ ↓ ◆ ▪ ▲ □ ◀ ◆ ◆ ◆ ◆ ◆ ◆ ☆ □ ☆ ♣ ↓ ☆ ∪ ✚ ✚ ✚ ✚ ✕ ⊞ ● ⊕ ☆ ⊕ ◎ ▲ ☆ ◎ ◎ ◎ ⊠ □ ⊞ ◐ □ ↑ ❖ ♣ ♣ ♣
◖ ◖ ◖ ♥ ◎ ◖ ◐ ✚ ◐ ⊕ ◐ ◀ ∪ ● ● ▲ ● ▶ ♥ ♥ ♥ ♥ ♥ ♥ ↑ ⌂ ▲ ▲ ▲ ▲ ◆ ◆ ◆ ◆ ∪ ◖ ♣ ● ☆ ☆ ☆ ▲ ✚ ✕ ◐ ✚ ✚ ✚ ⊕ ⊕ ⊕ ⊠ ▪ ⊕ ◀ ✚ ∩ □ ◎ ◎ ~ □ ◖
♥ □ □ ϱ □ ✕ ✚ ♣ ⊕ ⌂ ♣ + ● ❖ ❖ ❖ ❖ ◆ ◆ ♣ ✚ ⬥ ● ⬥ ⌂ ↑ ❖ ↑ ϱ ◐ ↓ ↓ ↓ ▲ □ ● ✕ ✚ ▪ ◆ ~ ✕ ● ⊠ ~ ⊞ ✕ ⊠ ⊞ ↓ ∩ □ ◉ ◉ ⊕ ⊠ ◘ ♥ ⌂ ↓ ∩ ↑ ∩
♣ ♣ ⊞ ⊠ ◎ ♣ ❖ ❖ ◆ ◐ ❖ ◎ ▲ ⬥ ⬥ ↓ ✕ ⬥ ↑ ↑ ▶ ↑ ↑ ▲ ↓ ↓ ↓ ↓ ↓ ↓ ✕ ϱ ✕ ✕ ✕ ⊕ ☆ ⊠ ▪ ⊠ ♥ ◐ ◉ ◉ ◎ ◉ ◉ ◉ ✚ ⌂ ⌂ ⌂ ⌂ ◐ ⌂ ♥ ☆ ✚ ◖ ◐ ϱ ϱ ϱ
♥ ▶ ♥ ♥ ∩ ♥ ▲ ▲ ▲ ▲ ~ ♥ ◘ ⌂ ⊠ ✚ ▶ ◆ ∪ ☆ ✕ ▲ ☆ ◖ ✚ + ✚ ✚ ✚ ⬥ ⊕ + ⊕ ⊕ ⊕ ↓ ◎ ◎ ◎ ◎ ◐ ◎ □ □ □ ↑ ϱ □ ♣ ▲ ⬥ ♣ ♣ □ ↑ ❖ ◀ ❖ ◆ ❖ ● ◀ ϱ
❖ ◘ ✕ ▪ ❖ ✕ ⬥ ⬥ ⬥ ⬥ ⬥ ⬥ ↑ ↑ ↑ ♣ ↑ ◆ ↓ ↓ ↓ ▶ ↓ ↓ ▪ ∩ ✕ ✕ ϱ ◀ ⊠ ⊠ + ⊠ ⊠ ⊠ ∪ ● ◉ ◉ ▪ ~ ~ ⌂ ◆ ⌂ ⌂ ⌂ ∩ ▶ ∩ ∩ ⬥ ∩ ▶ ⌂ + ϱ ❖ ◆ ▶ ◉ ☆
◉ ♣ ◆ ◆ ◆ ◆ ↑ ☆ ☆ ∩ ☆ ☆ ✚ ✚ ♣ ◖ ⊠ ✚ ∪ ⊕ ⊕ ✕ ϱ ↓ ◎ ◎ ◎ ◎ ϱ ~ □ □ ♥ □ □ ♥ ♣ ♣ ♣ ♣ ◖ ♣ ▪ ▲ ❖ ❖ ❖ ◖ ↑ ↑ ▶ ⬥ ⬥ ⬥ ↑ ↑ ↑ ↑ ↑ ● ◎ ♥ ◎
✚ ▪ □ ♣ ϱ □ ♣ ♣ ♣ □ ♣ ◀ ❖ ◘ ◀ ❖ ❖ + ✕ ⌂ ⬥ ◎ ⬥ ⬥ ↑ ↑ ↑ ◉ ✚ ↑ ↓ ↓ + ↓ ↓ ❖ ✕ ✕ ✕ ✕ ✕ ✕ ◐ ⊠ ⊠ ∩ ⊠ + ⬥ ◉ ⬥ ▲ ◉ ◉ ⌂ ↑ ⌂ ⌂ □ ⌂ ↓ ∩ ∩
▶ ▪ ↓ ▪ ▪ ▪ ◆ ⬥ ◘ □ ◘ ◖ ◖ ~ ◖ ◖ ◖ ◖ ◐ ◎ ◐ ↓ ◐ ◐ ● ◖ ● ✕ □ ● ⊠ ♥ ♥ ♥ ♥ ▶ ϱ + ▲ ◆ ▲ ● ▶ ◆ ◆ ✚ ⊕ ◆ ☆ ϱ ✕ ▲ ∪ ☆ ↑ ✚ ✚ ✚ ∩ ◀ ⊕ ✚ ⊕
☆ ☆ ⬥ ☆ ☆ ☆ ∩ ◐ ✚ ✚ ✚ ✚ + ❖ ⊕ ⊕ ∪ ⊕ ◀ ◎ ◎ ◎ ◉ ∩ □ + □ □ ⌂ ✕ ♣ ♣ ◘ ~ ♣ ♣ ❖ ▪ ❖ ❖ ☆ ↓ + ⬥ ⬥ ✕ ⬥ ⬥ ⊠ □ ↑ ↑ ⊠ ☆ ♣ ↓ ▲ ♥ ↓ ↓ ◘ □ ❖
∪ ∪ ♣ ◉ ♥ ∪ ♥ + ◎ ◖ + + ▪ ● ▪ ▪ ▪ ▪ ◘ ◘ ⊕ ◘ ◘ ◘ ◖ ☆ ◀ ◎ ◖ ◖ ◐ ◐ ◖ □ ◐ ◐ ● ◐ ● ● ● ⬥ ♥ ♥ ⊞ ▶ ♥ ♥ ◐ ◐ ▲ ▲ ↑ ▲ ⌂ ◆ ◎ ◆ ▪ ◆ ▪ ☆ ☆
ϱ ϱ ▶ ✚ ϱ ~ ● ◐ ⊞ + + ↑ ◎ ▶ ∩ ✚ ▶ ∩ ∪ ❖ ◐ ϱ ⊞ ◀ ~ ~ ~ ▶ ~ ~ ♣ ∪ ~ ∪ ∪ ▶ + ✕ + + ♥ + ▪ ▪ ∩ ▪ ● ▪ ❖ ◀ ▪ ◘ ◘ ∩ ▲ ◖ ◖ ▪ ◖ ◖ ◐ ◐ ◐
♥ ∪ ∪ ∪ ∪ ⬥ ⊞ ◀ + ↓ + + ▪ ▪ ◘ ✚ ∪ □ ∪ ⊞ ∪ ◘ ✕ ◘ ◖ ↑ ♥ ◘ ◖ ◖ ◐ ◐ ◆ ◐ + ✕ ● ● ∩ ● ● ⌂ ♥ ♥ ✕ ♥ ♥ ☆ ♣ ⊕ ◉ ▲ ▲ ▲ ◆ ◆ ● ◆ ∩ ❖ ☆ ☆ □
⊕ ∩ ↑ ∩ ∩ ∩ ϱ ♣ ✕ ▶ ϱ ϱ ☆ ⊞ ◀ ● ⊠ ⊠ ▶ ⊠ ▶ ▶ ✚ ▶ ◘ ◀ ◀ ◀ ▶ ▲ ↑ ~ ◀ ❖ ~ ~ ϱ ☆ ∪ ◖ ◉ ∪ + + + + + ◀ ◖ ▪ ▪ ▪ ▪ ▪ ◘ ▪ ◘ ◘ ◆ ◘ ◆ □ ◖
+ + + ☆ ✚ ✕ ▪ ⊠ ↑ ▪ ▶ ▪ ☆ ◘ ◘ ◘ ◘ ◘ ◖ ⊠ ∩ ◖ ✕ ◖ ◐ ◉ ◐ ⊠ ◐ ◐ ◉ + ● ♥ ▪ ☆ ♥ ▶ ∪ ♥ ⊠ ♥ ◆ ◉ ▲ ⊕ ◎ ▲ ⬥ ◆ ◆ ◆ ◎ □ ⬥ ☆ ↓ ☆ ☆ ✕ ✚ ☆ ✚
10	20	30	40	50	60
10
20
30
40
50
60
70
80
(16)	(17)
